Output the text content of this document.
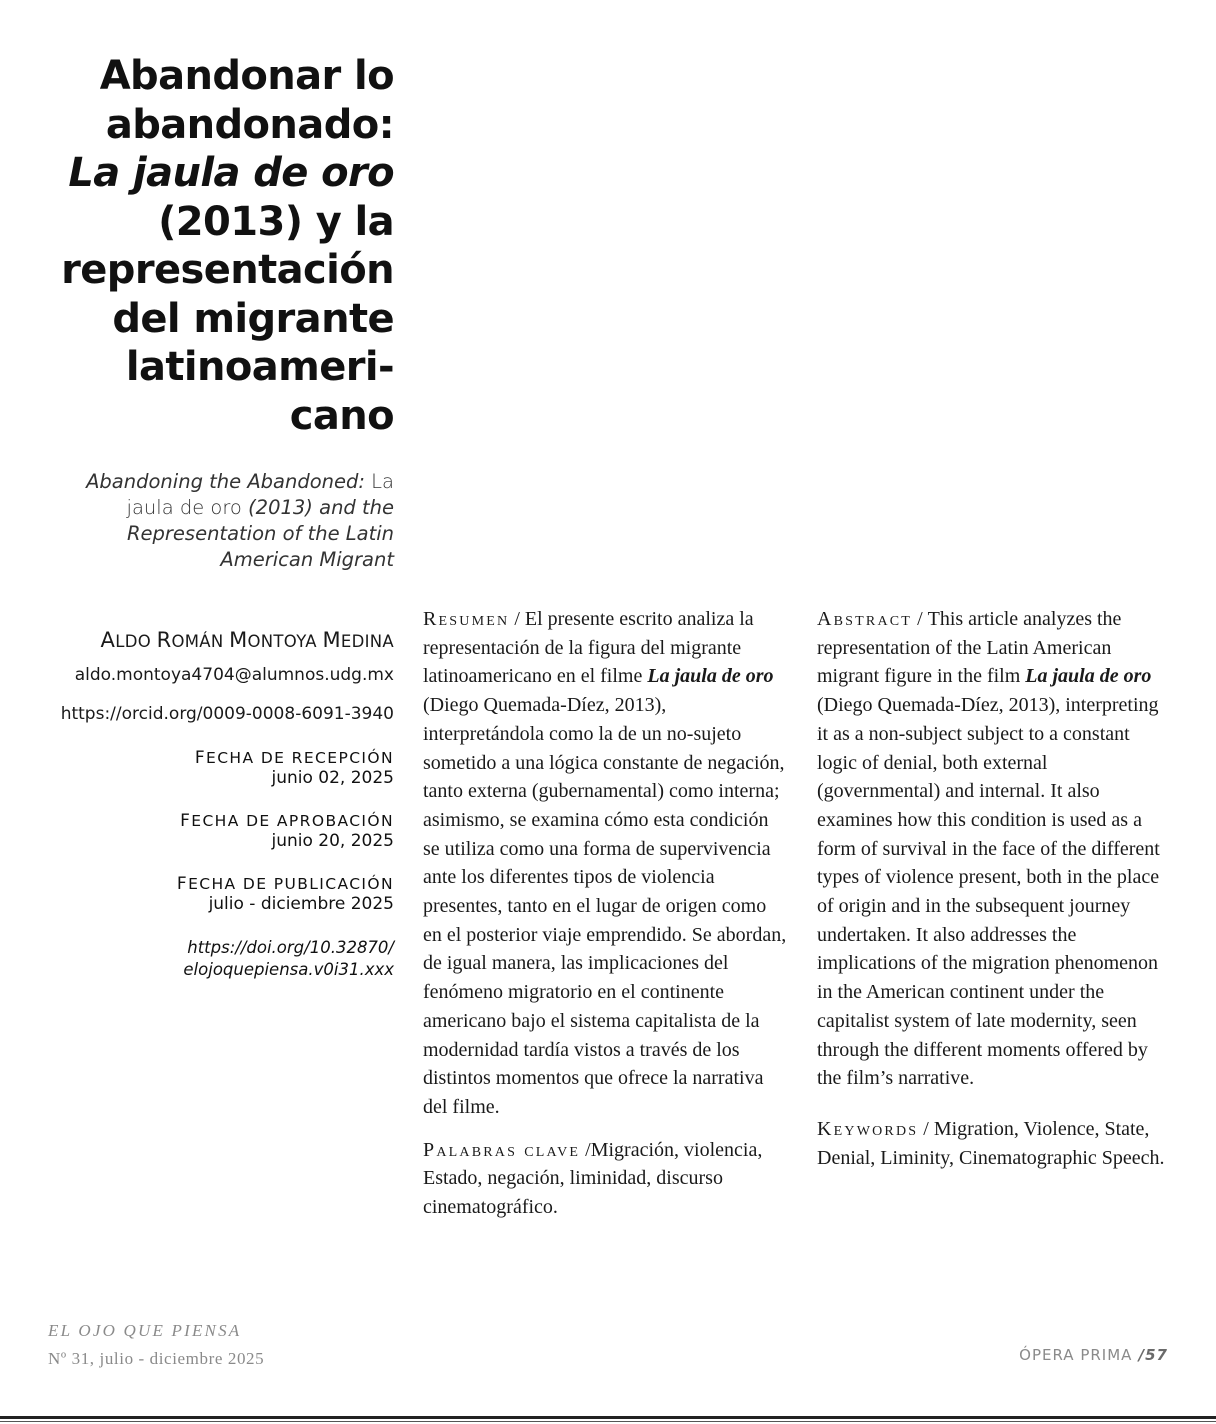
Abandonar lo abandonado:
La jaula de oro (2013) y la representación del migrante latinoameri-cano
Abandoning the Abandoned: La jaula de oro (2013) and the Representation of the Latin American Migrant
ALDO ROMÁN MONTOYA MEDINA
aldo.montoya4704@alumnos.udg.mx
https://orcid.org/0009-0008-6091-3940
FECHA DE RECEPCIÓN
junio 02, 2025
FECHA DE APROBACIÓN
junio 20, 2025
FECHA DE PUBLICACIÓN
julio - diciembre 2025
https://doi.org/10.32870/
elojoquepiensa.v0i31.xxx

Resumen / El presente escrito analiza la representación de la figura del migrante latinoamericano en el filme La jaula de oro (Diego Quemada-Díez, 2013), interpretándola como la de un no-sujeto sometido a una lógica constante de negación, tanto externa (gubernamental) como interna; asimismo, se examina cómo esta condición se utiliza como una forma de supervivencia ante los diferentes tipos de violencia presentes, tanto en el lugar de origen como en el posterior viaje emprendido. Se abordan, de igual manera, las implicaciones del fenómeno migratorio en el continente americano bajo el sistema capitalista de la modernidad tardía vistos a través de los distintos momentos que ofrece la narrativa del filme.

Palabras clave /Migración, violencia, Estado, negación, liminidad, discurso cinematográfico.

Abstract / This article analyzes the representation of the Latin American migrant figure in the film La jaula de oro (Diego Quemada-Díez, 2013), interpreting it as a non-subject subject to a constant logic of denial, both external (governmental) and internal. It also examines how this condition is used as a form of survival in the face of the different types of violence present, both in the place of origin and in the subsequent journey undertaken. It also addresses the implications of the migration phenomenon in the American continent under the capitalist system of late modernity, seen through the different moments offered by the film’s narrative.

Keywords / Migration, Violence, State, Denial, Liminity, Cinematographic Speech.

EL OJO QUE PIENSA
Nº 31, julio - diciembre 2025	ÓPERA PRIMA /57
